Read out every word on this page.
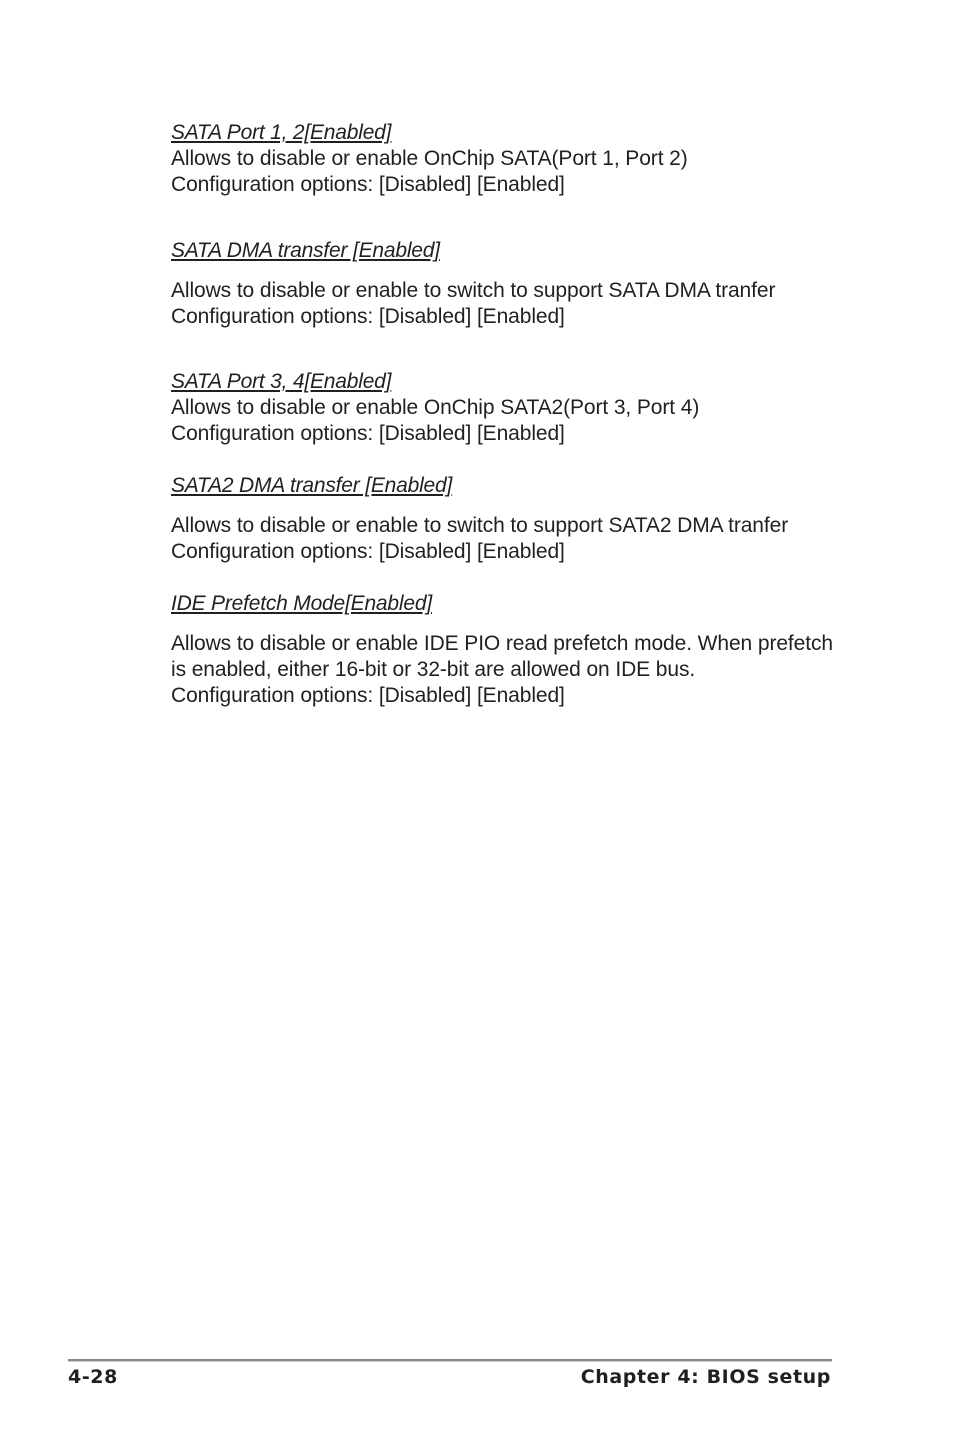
SATA Port 1, 2[Enabled]

Allows to disable or enable OnChip SATA(Port 1, Port 2)

Configuration options: [Disabled] [Enabled]

SATA DMA transfer [Enabled]

Allows to disable or enable to switch to support SATA DMA tranfer

Configuration options: [Disabled] [Enabled]

SATA Port 3, 4[Enabled]

Allows to disable or enable OnChip SATA2(Port 3, Port 4)

Configuration options: [Disabled] [Enabled]

SATA2 DMA transfer [Enabled]

Allows to disable or enable to switch to support SATA2 DMA tranfer

Configuration options: [Disabled] [Enabled]

IDE Prefetch Mode[Enabled]

Allows to disable or enable IDE PIO read prefetch mode. When prefetch

is enabled, either 16-bit or 32-bit are allowed on IDE bus.

Configuration options: [Disabled] [Enabled]

4-28	Chapter 4: BIOS setup
